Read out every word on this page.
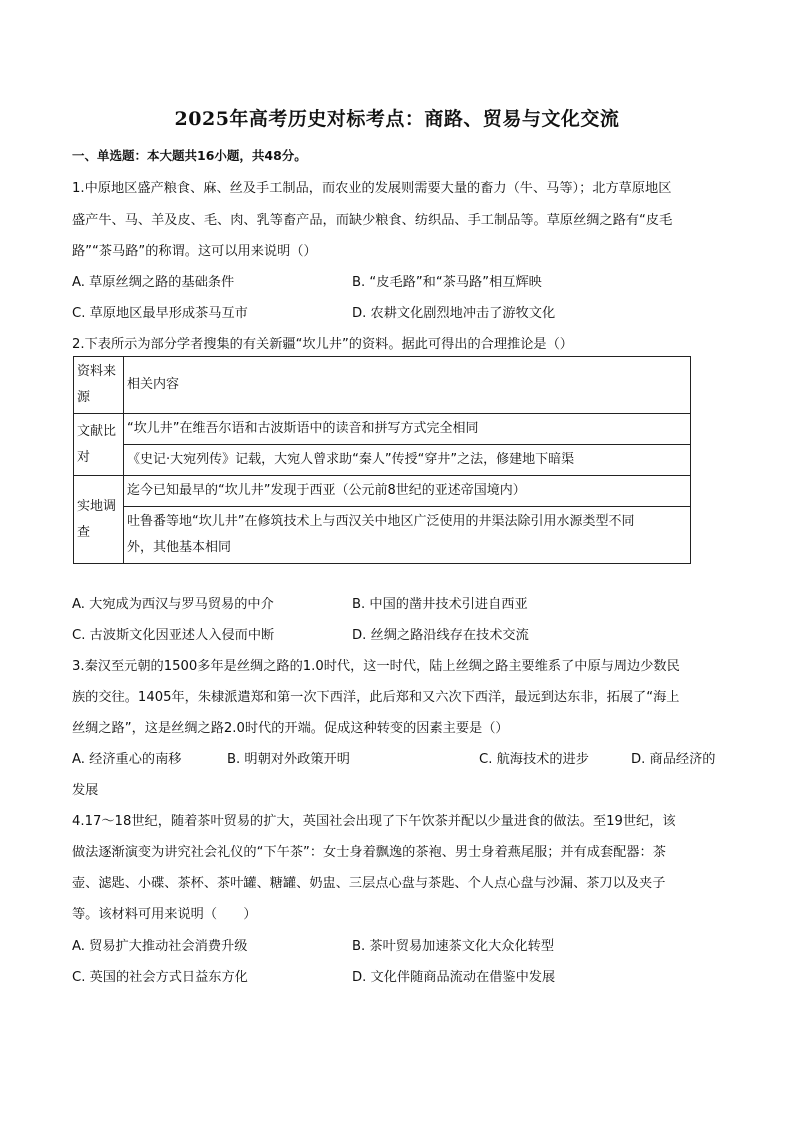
2025年高考历史对标考点：商路、贸易与文化交流
一、单选题：本大题共16小题，共48分。
1.中原地区盛产粮食、麻、丝及手工制品，而农业的发展则需要大量的畜力（牛、马等）；北方草原地区
盛产牛、马、羊及皮、毛、肉、乳等畜产品，而缺少粮食、纺织品、手工制品等。草原丝绸之路有“皮毛
路”“茶马路”的称谓。这可以用来说明（）
A. 草原丝绸之路的基础条件	B. “皮毛路”和“茶马路”相互辉映
C. 草原地区最早形成茶马互市	D. 农耕文化剧烈地冲击了游牧文化
2.下表所示为部分学者搜集的有关新疆“坎儿井”的资料。据此可得出的合理推论是（）
资料来源	相关内容
文献比对	“坎儿井”在维吾尔语和古波斯语中的读音和拼写方式完全相同
	《史记·大宛列传》记载，大宛人曾求助“秦人”传授“穿井”之法，修建地下暗渠
实地调查	迄今已知最早的“坎儿井”发现于西亚（公元前8世纪的亚述帝国境内）

	吐鲁番等地“坎儿井”在修筑技术上与西汉关中地区广泛使用的井渠法除引用水源类型不同
外，其他基本相同
A. 大宛成为西汉与罗马贸易的中介	B. 中国的凿井技术引进自西亚
C. 古波斯文化因亚述人入侵而中断	D. 丝绸之路沿线存在技术交流
3.秦汉至元朝的1500多年是丝绸之路的1.0时代，这一时代，陆上丝绸之路主要维系了中原与周边少数民
族的交往。1405年，朱棣派遣郑和第一次下西洋，此后郑和又六次下西洋，最远到达东非，拓展了“海上
丝绸之路”，这是丝绸之路2.0时代的开端。促成这种转变的因素主要是（）
A. 经济重心的南移	B. 明朝对外政策开明	C. 航海技术的进步	D. 商品经济的
发展
4.17～18世纪，随着茶叶贸易的扩大，英国社会出现了下午饮茶并配以少量进食的做法。至19世纪，该
做法逐渐演变为讲究社会礼仪的“下午茶”：女士身着飘逸的茶袍、男士身着燕尾服；并有成套配器：茶
壶、滤匙、小碟、茶杯、茶叶罐、糖罐、奶盅、三层点心盘与茶匙、个人点心盘与沙漏、茶刀以及夹子
等。该材料可用来说明（　　）
A. 贸易扩大推动社会消费升级	B. 茶叶贸易加速茶文化大众化转型
C. 英国的社会方式日益东方化	D. 文化伴随商品流动在借鉴中发展
